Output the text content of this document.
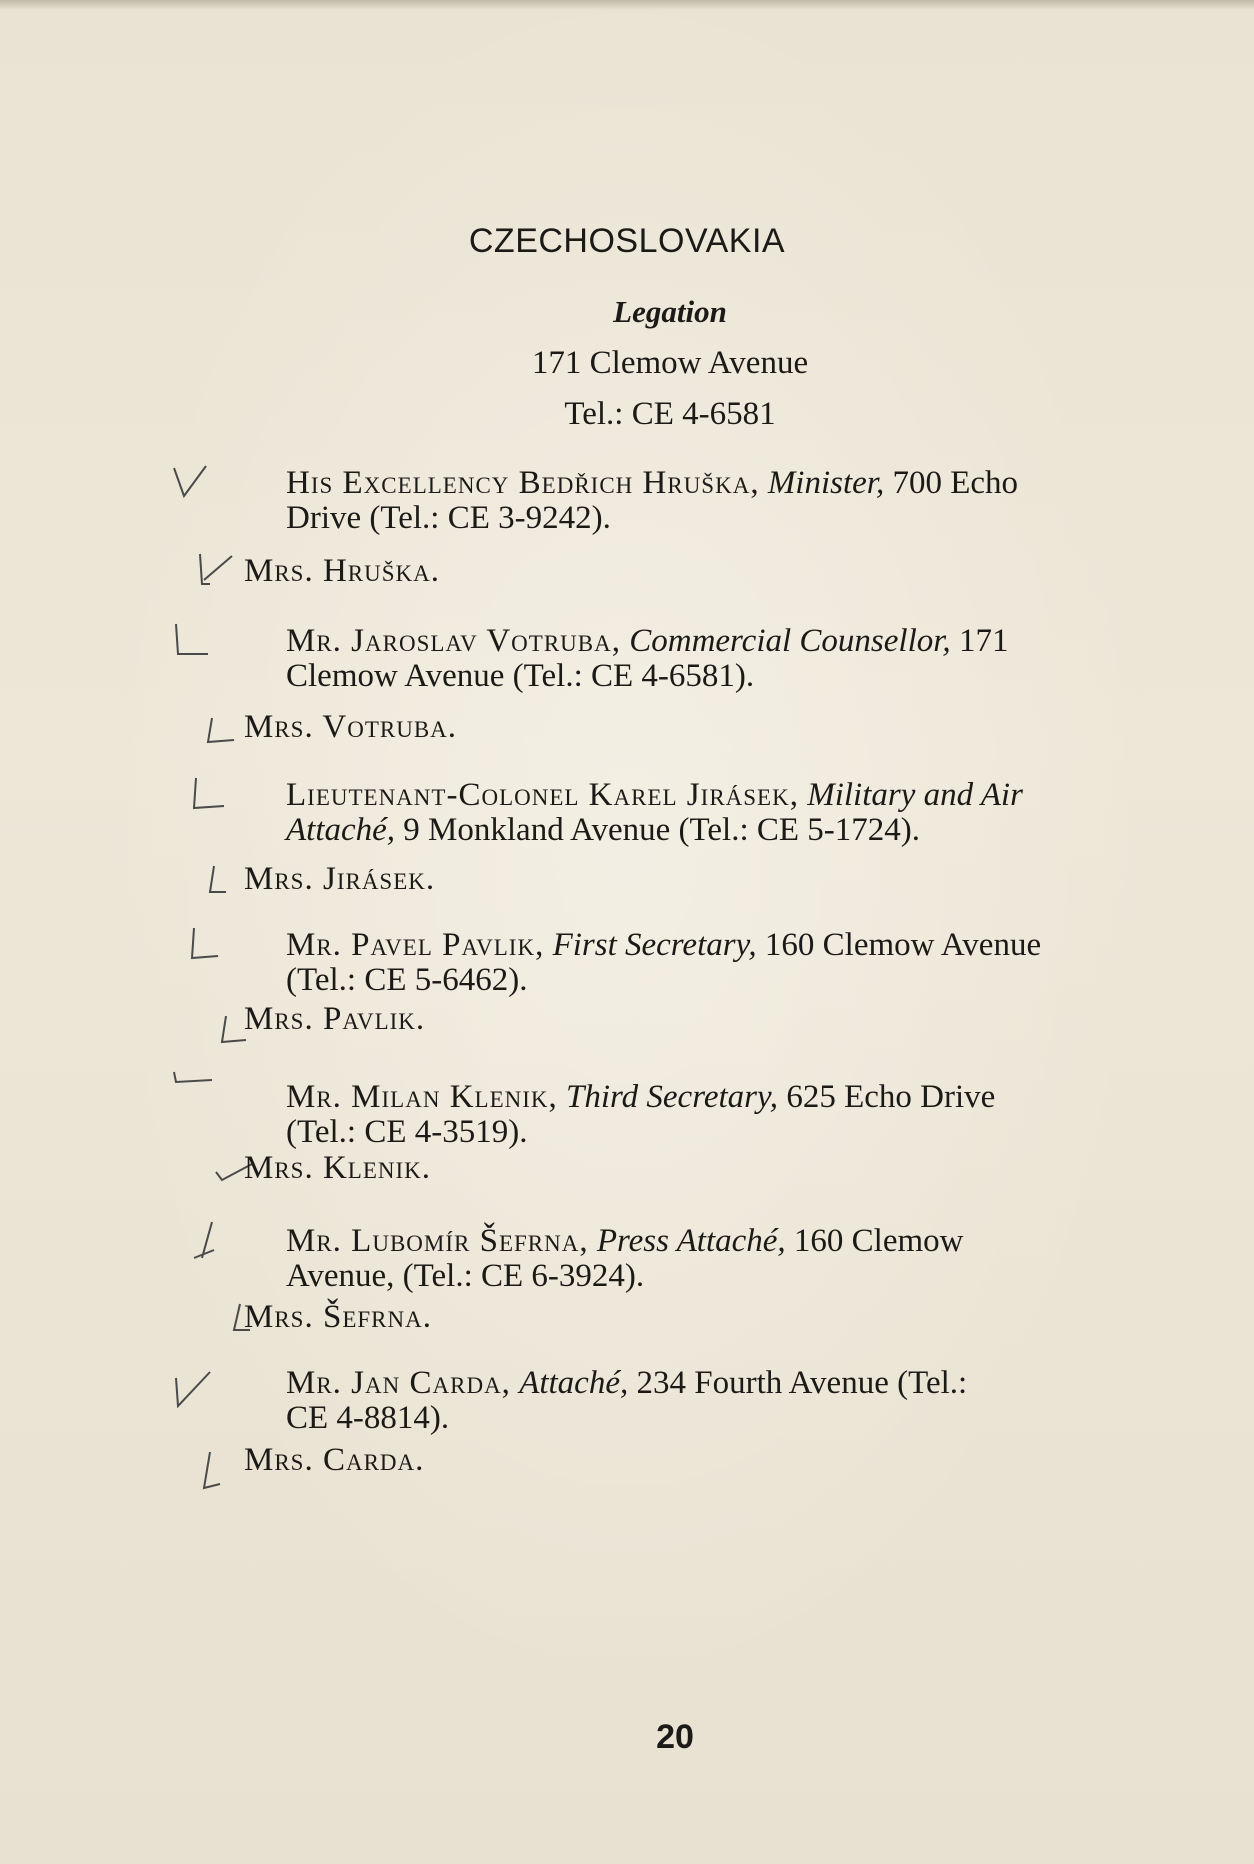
CZECHOSLOVAKIA
Legation
171 Clemow Avenue
Tel.: CE 4-6581
His Excellency Bedřich Hruška, Minister, 700 Echo
Drive (Tel.: CE 3-9242).
Mrs. Hruška.
Mr. Jaroslav Votruba, Commercial Counsellor, 171
Clemow Avenue (Tel.: CE 4-6581).
Mrs. Votruba.
Lieutenant-Colonel Karel Jirásek, Military and Air
Attaché, 9 Monkland Avenue (Tel.: CE 5-1724).
Mrs. Jirásek.
Mr. Pavel Pavlik, First Secretary, 160 Clemow Avenue
(Tel.: CE 5-6462).
Mrs. Pavlik.
Mr. Milan Klenik, Third Secretary, 625 Echo Drive
(Tel.: CE 4-3519).
Mrs. Klenik.
Mr. Lubomír Šefrna, Press Attaché, 160 Clemow
Avenue, (Tel.: CE 6-3924).
Mrs. Šefrna.
Mr. Jan Carda, Attaché, 234 Fourth Avenue (Tel.:
CE 4-8814).
Mrs. Carda.
20
